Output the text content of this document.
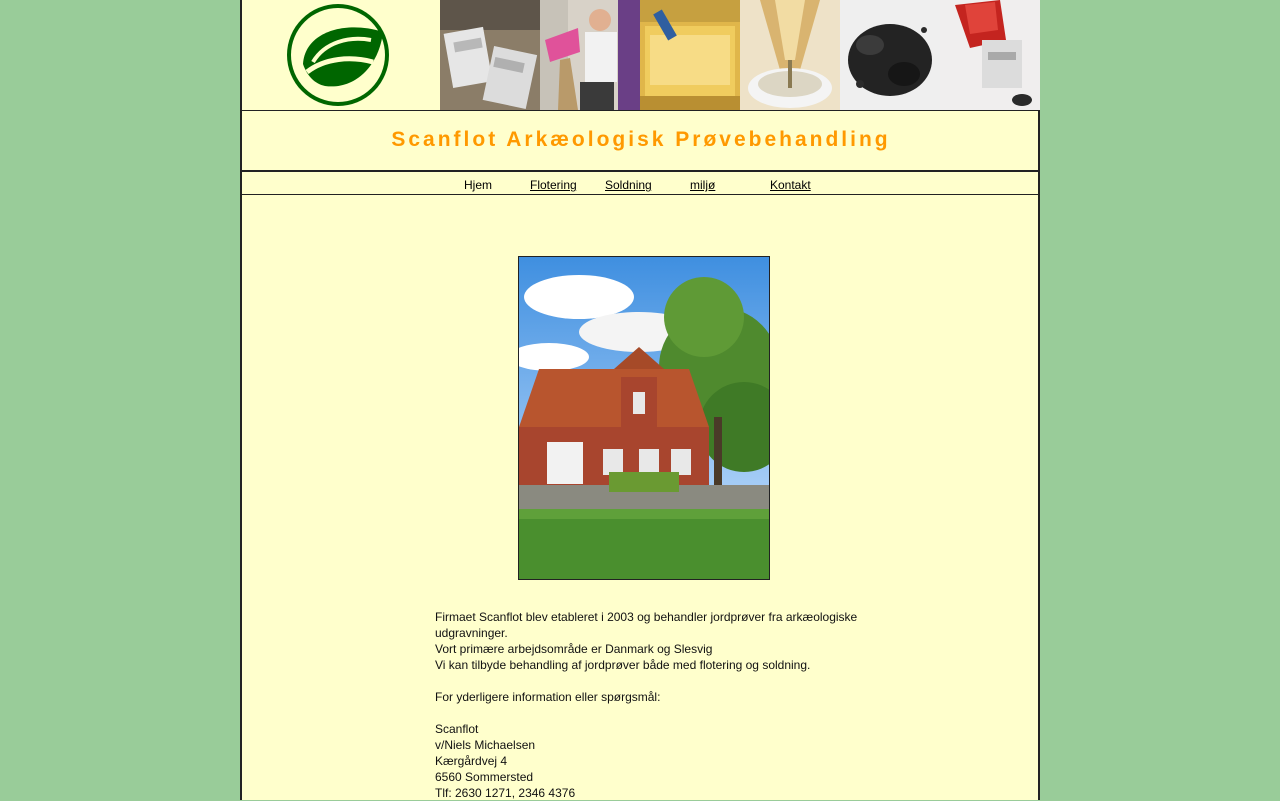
Scanflot Arkæologisk Prøvebehandling
Hjem	Flotering Soldning	miljø	Kontakt

Firmaet Scanflot blev etableret i 2003 og behandler jordprøver fra arkæologiske udgravninger.

Vort primære arbejdsområde er Danmark og Slesvig

Vi kan tilbyde behandling af jordprøver både med flotering og soldning.

For yderligere information eller spørgsmål:

Scanflot

v/Niels Michaelsen

Kærgårdvej 4

6560 Sommersted

Tlf: 2630 1271, 2346 4376
